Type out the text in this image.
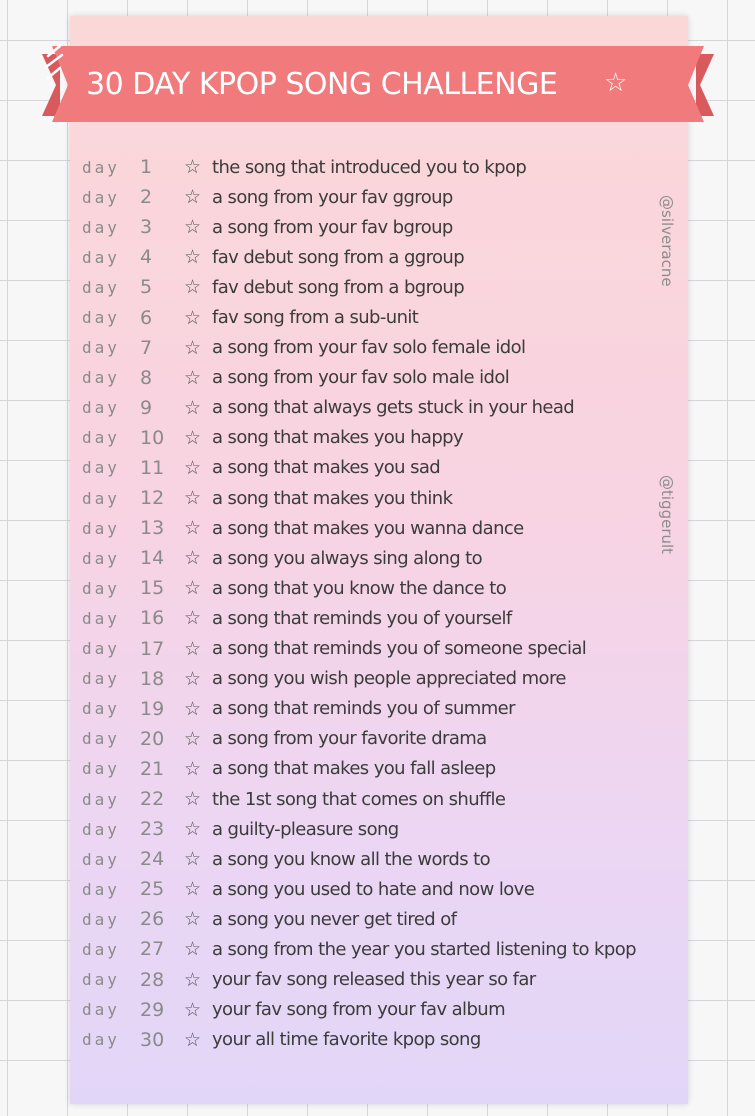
30 DAY KPOP SONG CHALLENGE ☆
day	1	☆ the song that introduced you to kpop
day	2	☆ a song from your fav ggroup
day	3	☆ a song from your fav bgroup
day	4	☆ fav debut song from a ggroup
day	5	☆ fav debut song from a bgroup
day	6	☆ fav song from a sub-unit
day	7	☆ a song from your fav solo female idol
day	8	☆ a song from your fav solo male idol
day	9	☆ a song that always gets stuck in your head
day	10	☆ a song that makes you happy
day	11	☆ a song that makes you sad
day	12	☆ a song that makes you think
day	13	☆ a song that makes you wanna dance
day	14	☆ a song you always sing along to
day	15	☆ a song that you know the dance to
day	16	☆ a song that reminds you of yourself
day	17	☆ a song that reminds you of someone special
day	18	☆ a song you wish people appreciated more
day	19	☆ a song that reminds you of summer
day	20	☆ a song from your favorite drama
day	21	☆ a song that makes you fall asleep
day	22	☆ the 1st song that comes on shuffle
day	23	☆ a guilty-pleasure song
day	24	☆ a song you know all the words to
day	25	☆ a song you used to hate and now love
day	26	☆ a song you never get tired of
day	27	☆ a song from the year you started listening to kpop
day	28	☆ your fav song released this year so far
day	29	☆ your fav song from your fav album
day	30	☆ your all time favorite kpop song
@silveracne
@tiggerult
